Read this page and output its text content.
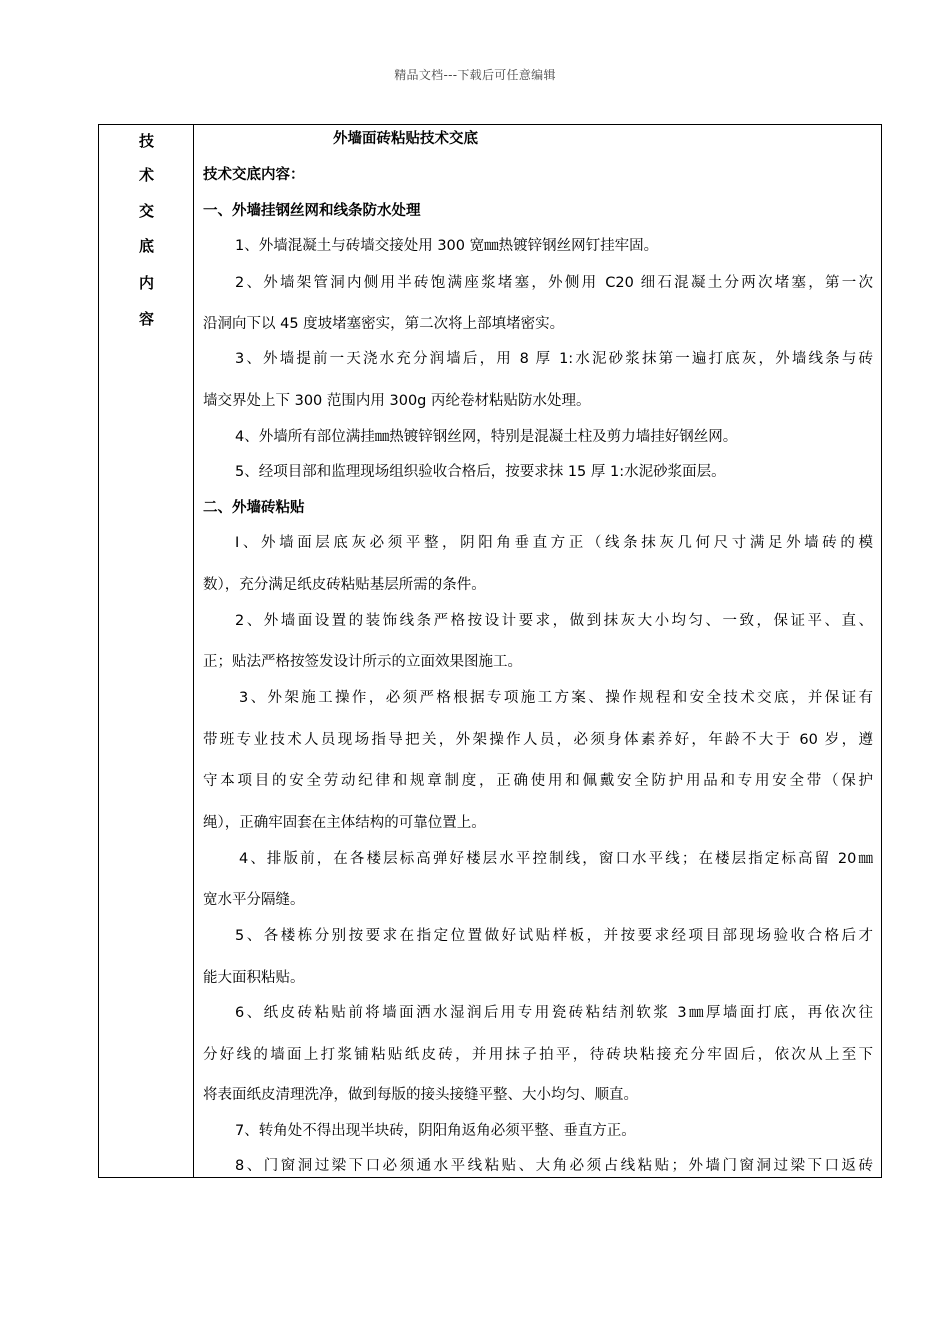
精品文档---下载后可任意编辑
技
术
交
底
内
容
外墙面砖粘贴技术交底
技术交底内容：
一、外墙挂钢丝网和线条防水处理
1、外墙混凝土与砖墙交接处用 300 宽㎜热镀锌钢丝网钉挂牢固。
2、外墙架管洞内侧用半砖饱满座浆堵塞，外侧用 C20 细石混凝土分两次堵塞，第一次
沿洞向下以 45 度坡堵塞密实，第二次将上部填堵密实。
3、外墙提前一天浇水充分润墙后，用 8 厚 1:水泥砂浆抹第一遍打底灰，外墙线条与砖
墙交界处上下 300 范围内用 300g 丙纶卷材粘贴防水处理。
4、外墙所有部位满挂㎜热镀锌钢丝网，特别是混凝土柱及剪力墙挂好钢丝网。
5、经项目部和监理现场组织验收合格后，按要求抹 15 厚 1:水泥砂浆面层。
二、外墙砖粘贴
Ⅰ、外墙面层底灰必须平整，阴阳角垂直方正（线条抹灰几何尺寸满足外墙砖的模
数），充分满足纸皮砖粘贴基层所需的条件。
2、外墙面设置的装饰线条严格按设计要求，做到抹灰大小均匀、一致，保证平、直、
正；贴法严格按签发设计所示的立面效果图施工。
3、外架施工操作，必须严格根据专项施工方案、操作规程和安全技术交底，并保证有
带班专业技术人员现场指导把关，外架操作人员，必须身体素养好，年龄不大于 60 岁，遵
守本项目的安全劳动纪律和规章制度，正确使用和佩戴安全防护用品和专用安全带（保护
绳），正确牢固套在主体结构的可靠位置上。
4、排版前，在各楼层标高弹好楼层水平控制线，窗口水平线；在楼层指定标高留 20㎜
宽水平分隔缝。
5、各楼栋分别按要求在指定位置做好试贴样板，并按要求经项目部现场验收合格后才
能大面积粘贴。
6、纸皮砖粘贴前将墙面洒水湿润后用专用瓷砖粘结剂软浆 3㎜厚墙面打底，再依次往
分好线的墙面上打浆铺粘贴纸皮砖，并用抹子拍平，待砖块粘接充分牢固后，依次从上至下
将表面纸皮清理洗净，做到每版的接头接缝平整、大小均匀、顺直。
7、转角处不得出现半块砖，阴阳角返角必须平整、垂直方正。
8、门窗洞过梁下口必须通水平线粘贴、大角必须占线粘贴；外墙门窗洞过梁下口返砖
